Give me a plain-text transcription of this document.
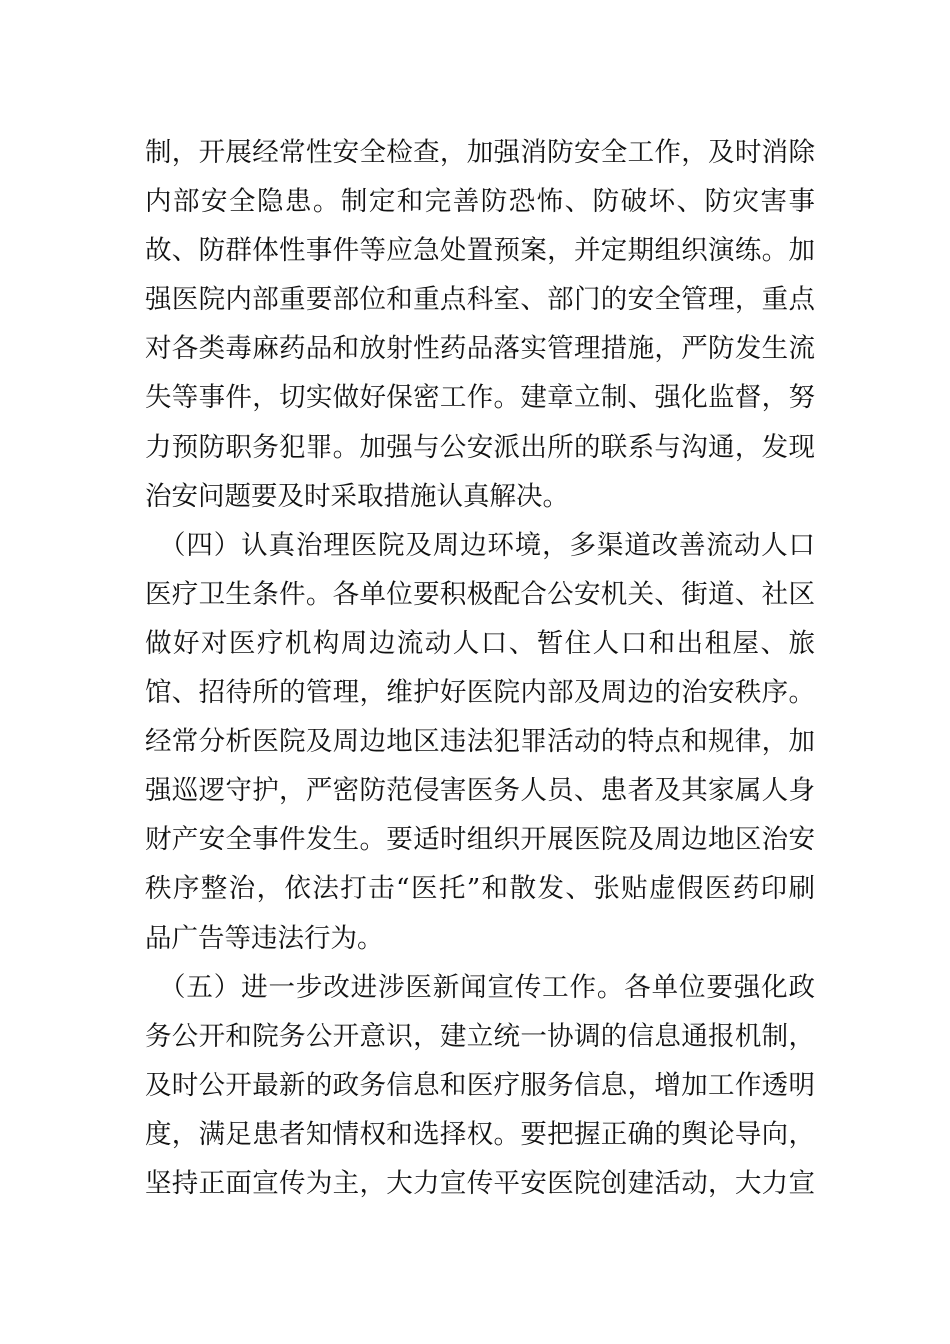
制，开展经常性安全检查，加强消防安全工作，及时消除
内部安全隐患。制定和完善防恐怖、防破坏、防灾害事
故、防群体性事件等应急处置预案，并定期组织演练。加
强医院内部重要部位和重点科室、部门的安全管理，重点
对各类毒麻药品和放射性药品落实管理措施，严防发生流
失等事件，切实做好保密工作。建章立制、强化监督，努
力预防职务犯罪。加强与公安派出所的联系与沟通，发现
治安问题要及时采取措施认真解决。
（四）认真治理医院及周边环境，多渠道改善流动人口
医疗卫生条件。各单位要积极配合公安机关、街道、社区
做好对医疗机构周边流动人口、暂住人口和出租屋、旅
馆、招待所的管理，维护好医院内部及周边的治安秩序。
经常分析医院及周边地区违法犯罪活动的特点和规律，加
强巡逻守护，严密防范侵害医务人员、患者及其家属人身
财产安全事件发生。要适时组织开展医院及周边地区治安
秩序整治，依法打击“医托”和散发、张贴虚假医药印刷
品广告等违法行为。
（五）进一步改进涉医新闻宣传工作。各单位要强化政
务公开和院务公开意识，建立统一协调的信息通报机制，
及时公开最新的政务信息和医疗服务信息，增加工作透明
度，满足患者知情权和选择权。要把握正确的舆论导向，
坚持正面宣传为主，大力宣传平安医院创建活动，大力宣
